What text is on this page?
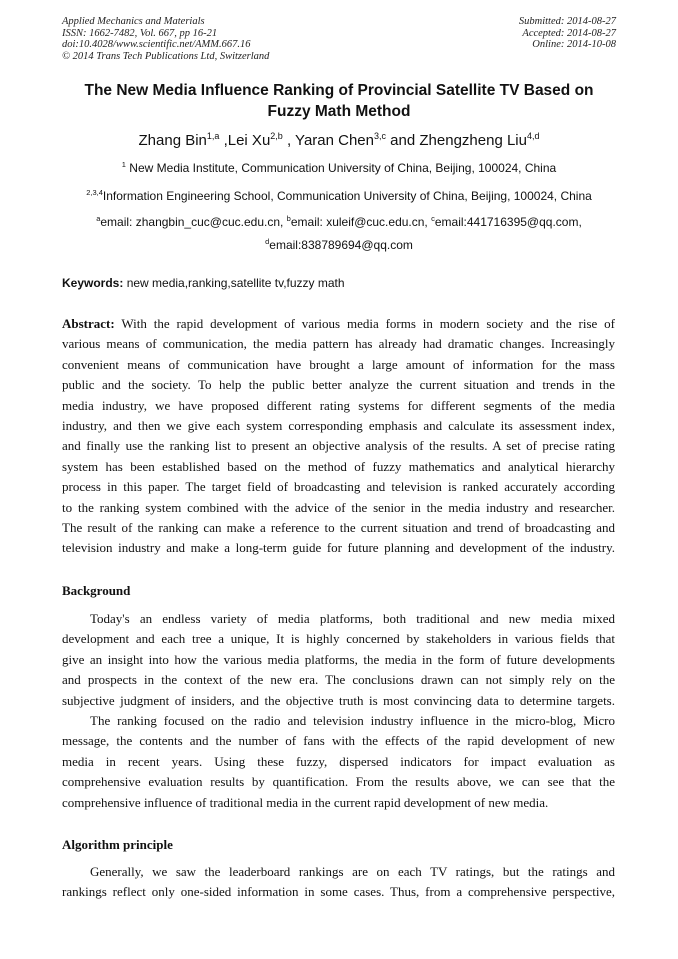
Applied Mechanics and Materials
ISSN: 1662-7482, Vol. 667, pp 16-21
doi:10.4028/www.scientific.net/AMM.667.16
© 2014 Trans Tech Publications Ltd, Switzerland
Submitted: 2014-08-27
Accepted: 2014-08-27
Online: 2014-10-08
The New Media Influence Ranking of Provincial Satellite TV Based on
Fuzzy Math Method
Zhang Bin$^{1,a}$ ,Lei Xu$^{2,b}$ , Yaran Chen$^{3,c}$ and Zhengzheng Liu$^{4,d}$
$^1$ New Media Institute, Communication University of China, Beijing, 100024, China
$^{2,3,4}$Information Engineering School, Communication University of China, Beijing, 100024, China
$^a$email: zhangbin_cuc@cuc.edu.cn, $^b$email: xuleif@cuc.edu.cn, $^c$email:441716395@qq.com,
$^d$email:838789694@qq.com
Keywords: new media,ranking,satellite tv,fuzzy math
Abstract: With the rapid development of various media forms in modern society and the rise of
various means of communication, the media pattern has already had dramatic changes. Increasingly
convenient means of communication have brought a large amount of information for the mass
public and the society. To help the public better analyze the current situation and trends in the
media industry, we have proposed different rating systems for different segments of the media
industry, and then we give each system corresponding emphasis and calculate its assessment index,
and finally use the ranking list to present an objective analysis of the results. A set of precise rating
system has been established based on the method of fuzzy mathematics and analytical hierarchy
process in this paper. The target field of broadcasting and television is ranked accurately according
to the ranking system combined with the advice of the senior in the media industry and researcher.
The result of the ranking can make a reference to the current situation and trend of broadcasting and
television industry and make a long-term guide for future planning and development of the industry.
Background
Today's an endless variety of media platforms, both traditional and new media mixed
development and each tree a unique, It is highly concerned by stakeholders in various fields that
give an insight into how the various media platforms, the media in the form of future developments
and prospects in the context of the new era. The conclusions drawn can not simply rely on the
subjective judgment of insiders, and the objective truth is most convincing data to determine targets.
The ranking focused on the radio and television industry influence in the micro-blog, Micro
message, the contents and the number of fans with the effects of the rapid development of new
media in recent years. Using these fuzzy, dispersed indicators for impact evaluation as
comprehensive evaluation results by quantification. From the results above, we can see that the
comprehensive influence of traditional media in the current rapid development of new media.
Algorithm principle
Generally, we saw the leaderboard rankings are on each TV ratings, but the ratings and
rankings reflect only one-sided information in some cases. Thus, from a comprehensive perspective,
